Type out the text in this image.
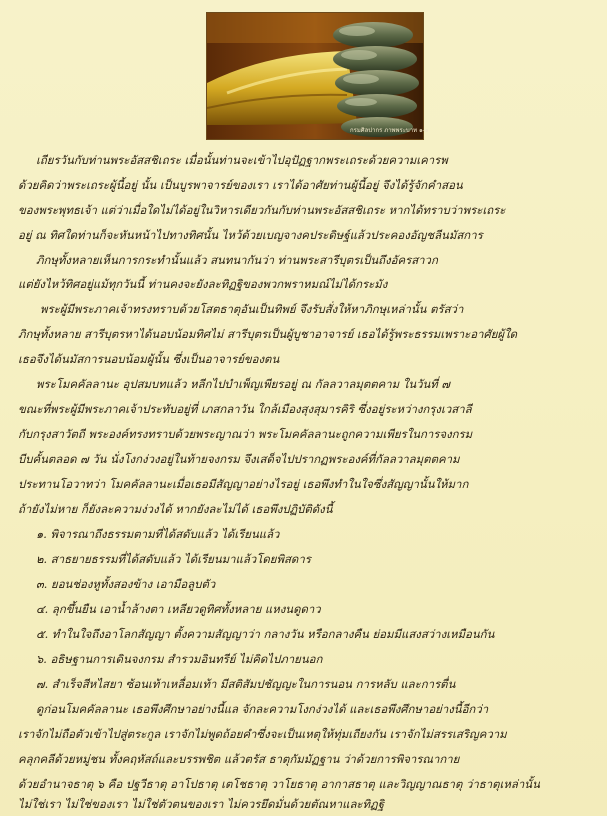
กรมศิลปากร ภาพพระบาท ๑-๑
เถียรวันกับท่านพระอัสสชิเถระ เมื่อนั้นท่านจะเข้าไปอุปัฏฐากพระเถระด้วยความเคารพ
ด้วยคิดว่าพระเถระผู้นี้อยู่ นั้น เป็นบูรพาจารย์ของเรา เราได้อาศัยท่านผู้นี้อยู่ จึงได้รู้จักคำสอน
ของพระพุทธเจ้า แต่ว่าเมื่อใดไม่ได้อยู่ในวิหารเดียวกันกับท่านพระอัสสชิเถระ หากได้ทราบว่าพระเถระ
อยู่ ณ ทิศใดท่านก็จะหันหน้าไปทางทิศนั้น ไหว้ด้วยเบญจางคประดิษฐ์แล้วประคองอัญชลีนมัสการ
ภิกษุทั้งหลายเห็นการกระทำนั้นแล้ว สนทนากันว่า ท่านพระสารีบุตรเป็นถึงอัครสาวก
แต่ยังไหว้ทิศอยู่แม้ทุกวันนี้ ท่านคงจะยังละทิฏฐิของพวกพราหมณ์ไม่ได้กระมัง
พระผู้มีพระภาคเจ้าทรงทราบด้วยโสตธาตุอันเป็นทิพย์ จึงรับสั่งให้หาภิกษุเหล่านั้น ตรัสว่า
ภิกษุทั้งหลาย สารีบุตรหาได้นอบน้อมทิศไม่ สารีบุตรเป็นผู้บูชาอาจารย์ เธอได้รู้พระธรรมเพราะอาศัยผู้ใด
เธอจึงได้นมัสการนอบน้อมผู้นั้น ซึ่งเป็นอาจารย์ของตน
พระโมคคัลลานะ อุปสมบทแล้ว หลีกไปบำเพ็ญเพียรอยู่ ณ กัลลวาลมุตตคาม ในวันที่ ๗
ขณะที่พระผู้มีพระภาคเจ้าประทับอยู่ที่ เภสกลาวัน ใกล้เมืองสุงสุมารคิริ ซึ่งอยู่ระหว่างกรุงเวสาลี
กับกรุงสาวัตถี พระองค์ทรงทราบด้วยพระญาณว่า พระโมคคัลลานะถูกความเพียรในการจงกรม
บีบคั้นตลอด ๗ วัน นั่งโงกง่วงอยู่ในท้ายจงกรม จึงเสด็จไปปรากฏพระองค์ที่กัลลวาลมุตตคาม
ประทานโอวาทว่า โมคคัลลานะเมื่อเธอมีสัญญาอย่างไรอยู่ เธอพึงทำในใจซึ่งสัญญานั้นให้มาก
ถ้ายังไม่หาย ก็ยังละความง่วงได้ หากยังละไม่ได้ เธอพึงปฏิบัติดังนี้
๑. พิจารณาถึงธรรมตามที่ได้สดับแล้ว ได้เรียนแล้ว
๒. สาธยายธรรมที่ได้สดับแล้ว ได้เรียนมาแล้วโดยพิสดาร
๓. ยอนช่องหูทั้งสองข้าง เอามือลูบตัว
๔. ลุกขึ้นยืน เอาน้ำล้างตา เหลียวดูทิศทั้งหลาย แหงนดูดาว
๕. ทำในใจถึงอาโลกสัญญา ตั้งความสัญญาว่า กลางวัน หรือกลางคืน ย่อมมีแสงสว่างเหมือนกัน
๖. อธิษฐานการเดินจงกรม สำรวมอินทรีย์ ไม่คิดไปภายนอก
๗. สำเร็จสีหไสยา ซ้อนเท้าเหลื่อมเท้า มีสติสัมปชัญญะในการนอน การหลับ และการตื่น
ดูก่อนโมคคัลลานะ เธอพึงศึกษาอย่างนี้แล จักละความโงกง่วงได้ และเธอพึงศึกษาอย่างนี้อีกว่า
เราจักไม่ถือตัวเข้าไปสู่ตระกูล เราจักไม่พูดถ้อยคำซึ่งจะเป็นเหตุให้ทุ่มเถียงกัน เราจักไม่สรรเสริญความ
คลุกคลีด้วยหมู่ชน ทั้งคฤหัสถ์และบรรพชิต แล้วตรัส ธาตุกัมมัฏฐาน ว่าด้วยการพิจารณากาย
ด้วยอำนาจธาตุ ๖ คือ ปฐวีธาตุ อาโปธาตุ เตโชธาตุ วาโยธาตุ อากาสธาตุ และวิญญาณธาตุ ว่าธาตุเหล่านั้น
ไม่ใช่เรา ไม่ใช่ของเรา ไม่ใช่ตัวตนของเรา ไม่ควรยึดมั่นด้วยตัณหาและทิฏฐิ
